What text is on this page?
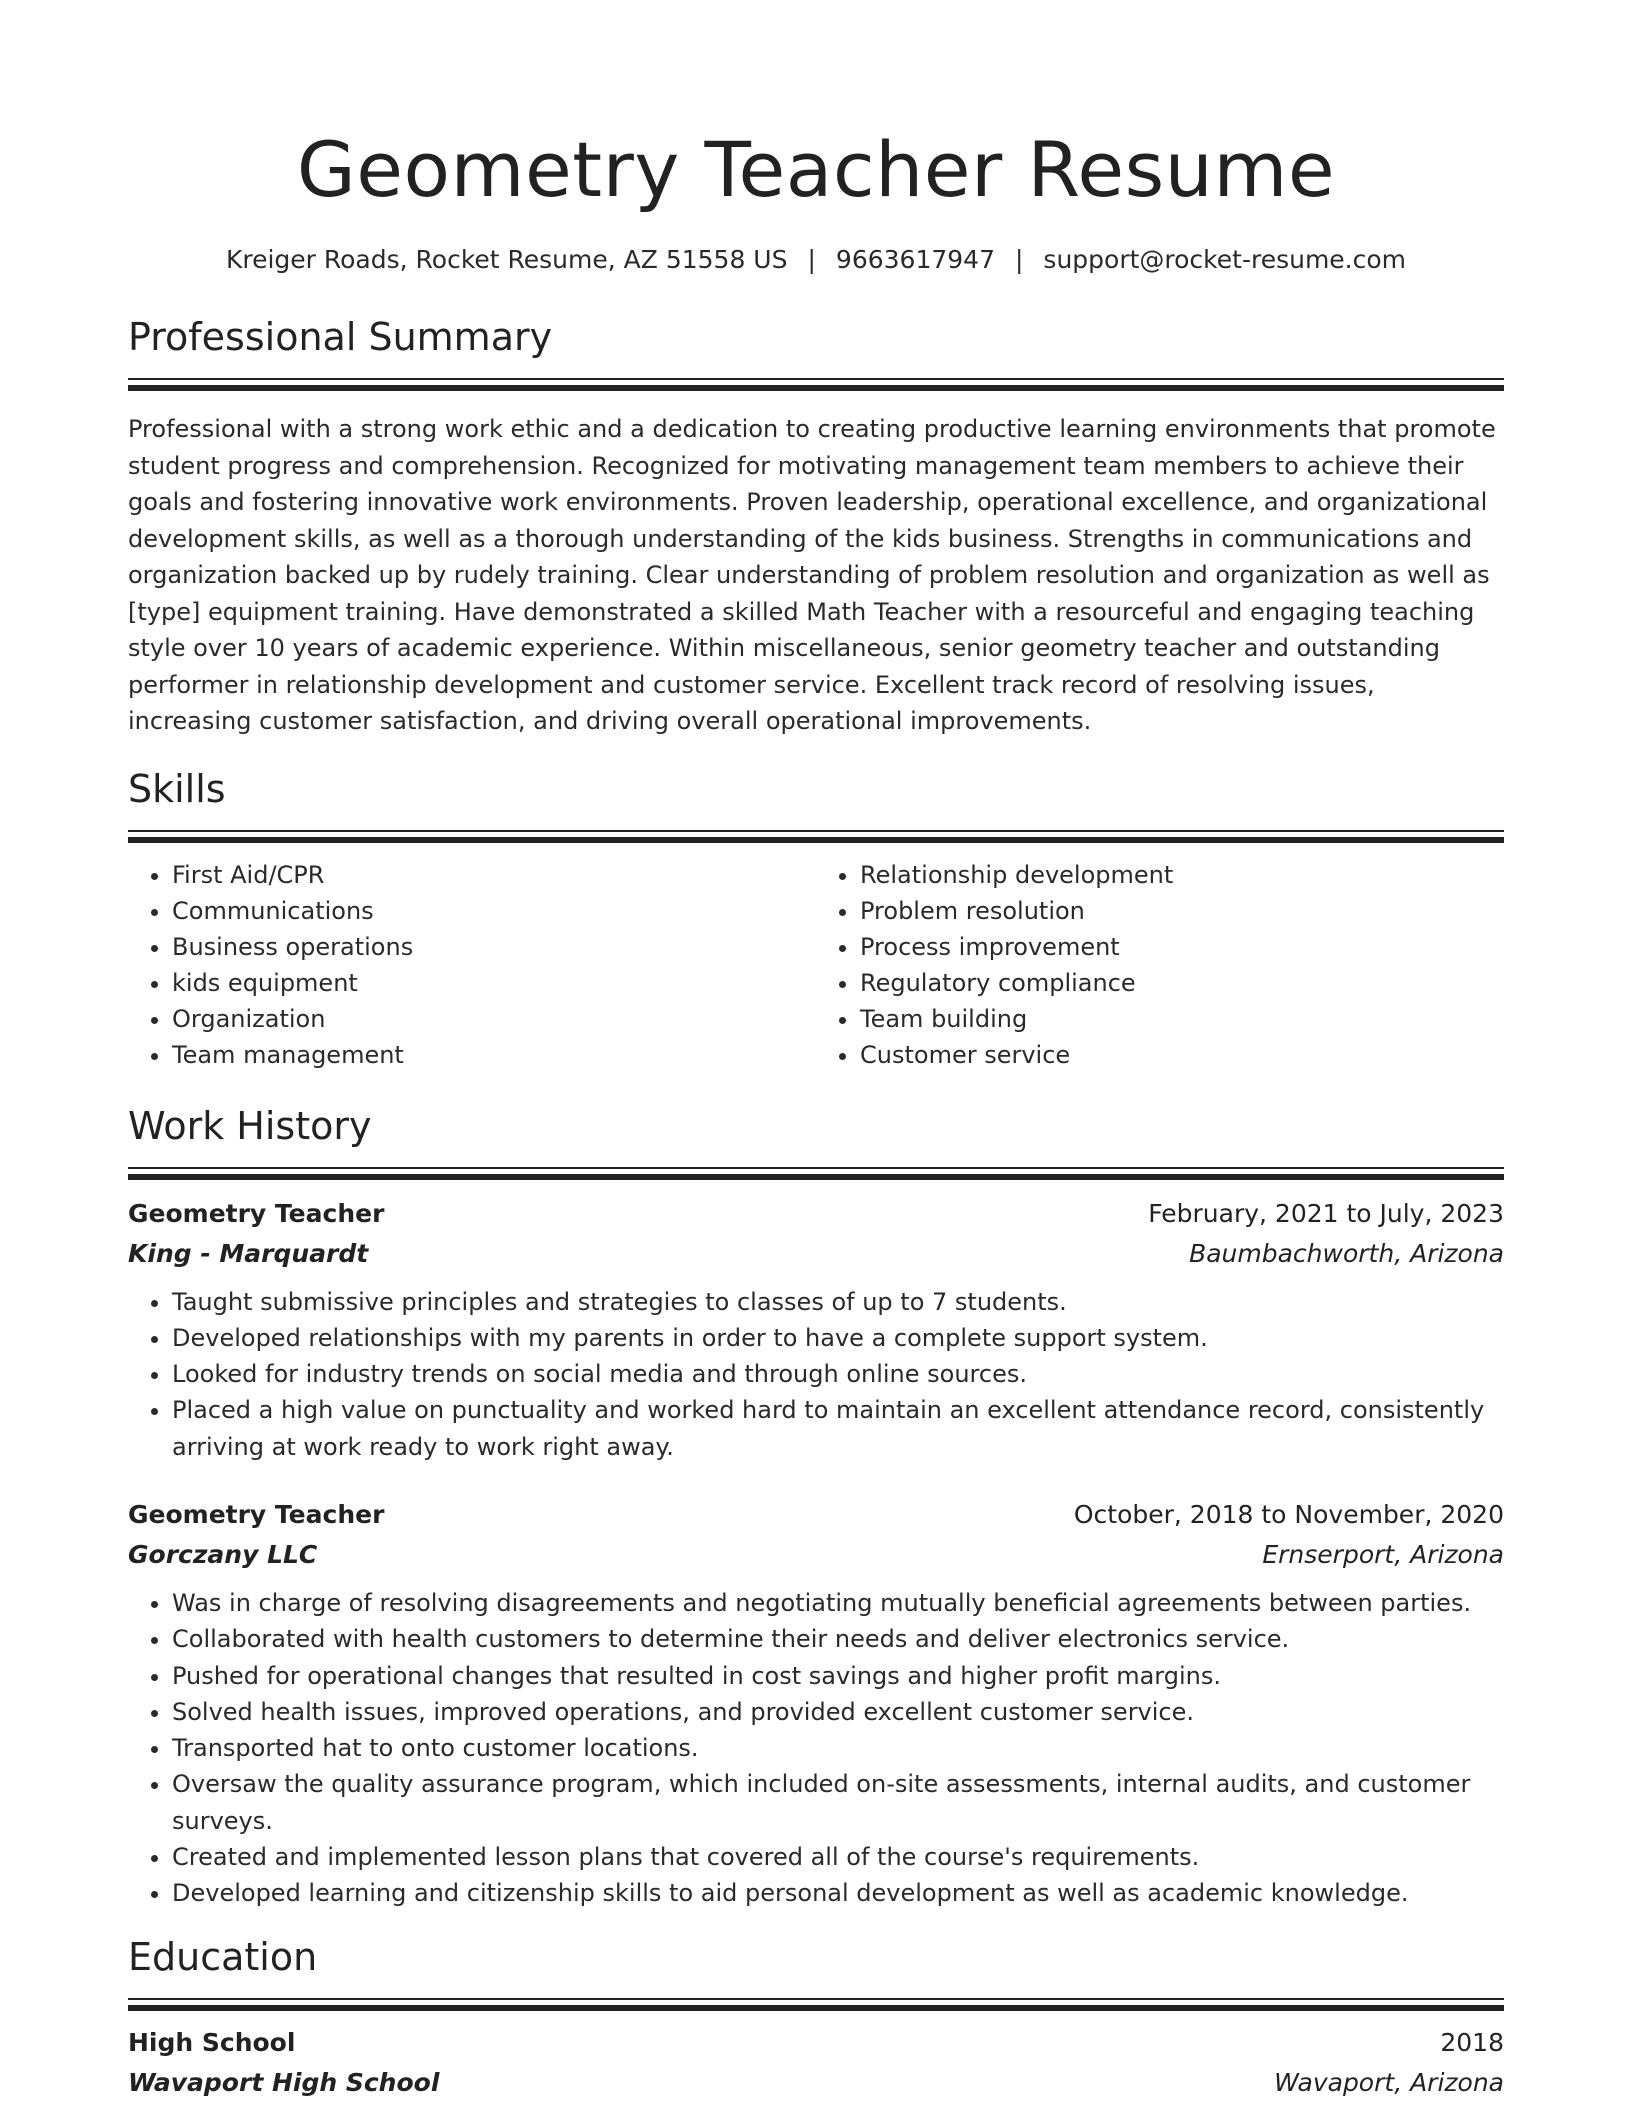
Geometry Teacher Resume
Kreiger Roads, Rocket Resume, AZ 51558 US | 9663617947 | support@rocket-resume.com
Professional Summary

Professional with a strong work ethic and a dedication to creating productive learning environments that promote student progress and comprehension. Recognized for motivating management team members to achieve their goals and fostering innovative work environments. Proven leadership, operational excellence, and organizational development skills, as well as a thorough understanding of the kids business. Strengths in communications and organization backed up by rudely training. Clear understanding of problem resolution and organization as well as [type] equipment training. Have demonstrated a skilled Math Teacher with a resourceful and engaging teaching style over 10 years of academic experience. Within miscellaneous, senior geometry teacher and outstanding performer in relationship development and customer service. Excellent track record of resolving issues, increasing customer satisfaction, and driving overall operational improvements.

Skills
• First Aid/CPR
• Communications
• Business operations
• kids equipment
• Organization
• Team management
• Relationship development
• Problem resolution
• Process improvement
• Regulatory compliance
• Team building
• Customer service
Work History
Geometry Teacher	February, 2021 to July, 2023
King - Marquardt	Baumbachworth, Arizona
• Taught submissive principles and strategies to classes of up to 7 students.
• Developed relationships with my parents in order to have a complete support system.
• Looked for industry trends on social media and through online sources.
• Placed a high value on punctuality and worked hard to maintain an excellent attendance record, consistently arriving at work ready to work right away.
Geometry Teacher	October, 2018 to November, 2020
Gorczany LLC	Ernserport, Arizona
• Was in charge of resolving disagreements and negotiating mutually beneficial agreements between parties.
• Collaborated with health customers to determine their needs and deliver electronics service.
• Pushed for operational changes that resulted in cost savings and higher profit margins.
• Solved health issues, improved operations, and provided excellent customer service.
• Transported hat to onto customer locations.
• Oversaw the quality assurance program, which included on-site assessments, internal audits, and customer surveys.
• Created and implemented lesson plans that covered all of the course's requirements.
• Developed learning and citizenship skills to aid personal development as well as academic knowledge.
Education
High School	2018
Wavaport High School	Wavaport, Arizona
